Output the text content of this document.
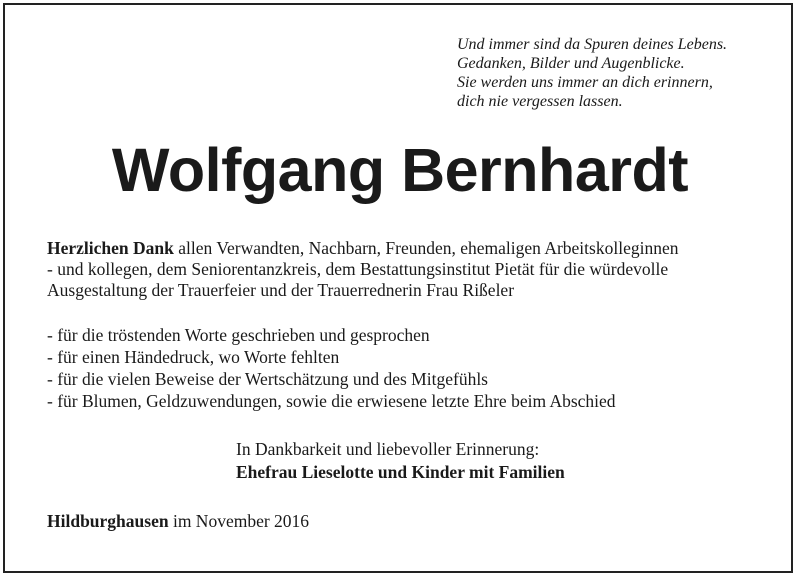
Und immer sind da Spuren deines Lebens.
Gedanken, Bilder und Augenblicke.
Sie werden uns immer an dich erinnern,
dich nie vergessen lassen.
Wolfgang Bernhardt

Herzlichen Dank allen Verwandten, Nachbarn, Freunden, ehemaligen Arbeitskolleginnen
- und kollegen, dem Seniorentanzkreis, dem Bestattungsinstitut Pietät für die würdevolle
Ausgestaltung der Trauerfeier und der Trauerrednerin Frau Rißeler

- für die tröstenden Worte geschrieben und gesprochen
- für einen Händedruck, wo Worte fehlten
- für die vielen Beweise der Wertschätzung und des Mitgefühls
- für Blumen, Geldzuwendungen, sowie die erwiesene letzte Ehre beim Abschied
In Dankbarkeit und liebevoller Erinnerung:
Ehefrau Lieselotte und Kinder mit Familien
Hildburghausen im November 2016
